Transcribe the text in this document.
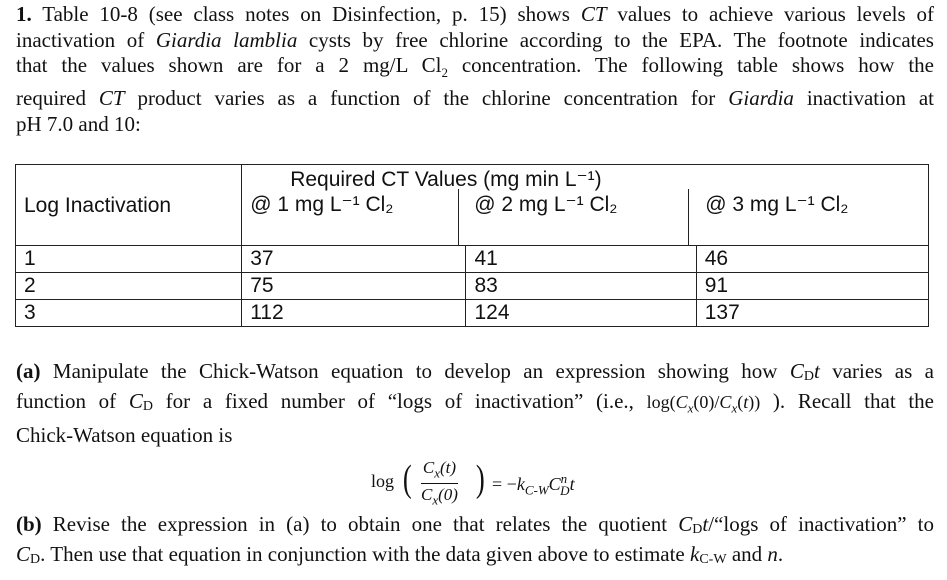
1. Table 10-8 (see class notes on Disinfection, p. 15) shows CT values to achieve various levels of
inactivation of Giardia lamblia cysts by free chlorine according to the EPA. The footnote indicates
that the values shown are for a 2 mg/L $Cl_2$ concentration. The following table shows how the
required CT product varies as a function of the chlorine concentration for Giardia inactivation at
pH 7.0 and 10:
Log Inactivation	Required CT Values (mg min L⁻¹)
@ 1 mg L⁻¹ Cl₂ @ 2 mg L⁻¹ Cl₂ @ 3 mg L⁻¹ Cl₂		

1	37	41	46
2	75	83	91
3	112	124	137
(a) Manipulate the Chick-Watson equation to develop an expression showing how CDt varies as a
function of CD for a fixed number of “logs of inactivation” (i.e., $\log(C_x(0)/C_x(t))$ ). Recall that the
Chick-Watson equation is
log ( $\frac{C_x(t)}{C_x(0)}$ ) = $-k_{C-W}C^n_Dt$
(b) Revise the expression in (a) to obtain one that relates the quotient CDt/“logs of inactivation” to
CD. Then use that equation in conjunction with the data given above to estimate kC-W and n.
